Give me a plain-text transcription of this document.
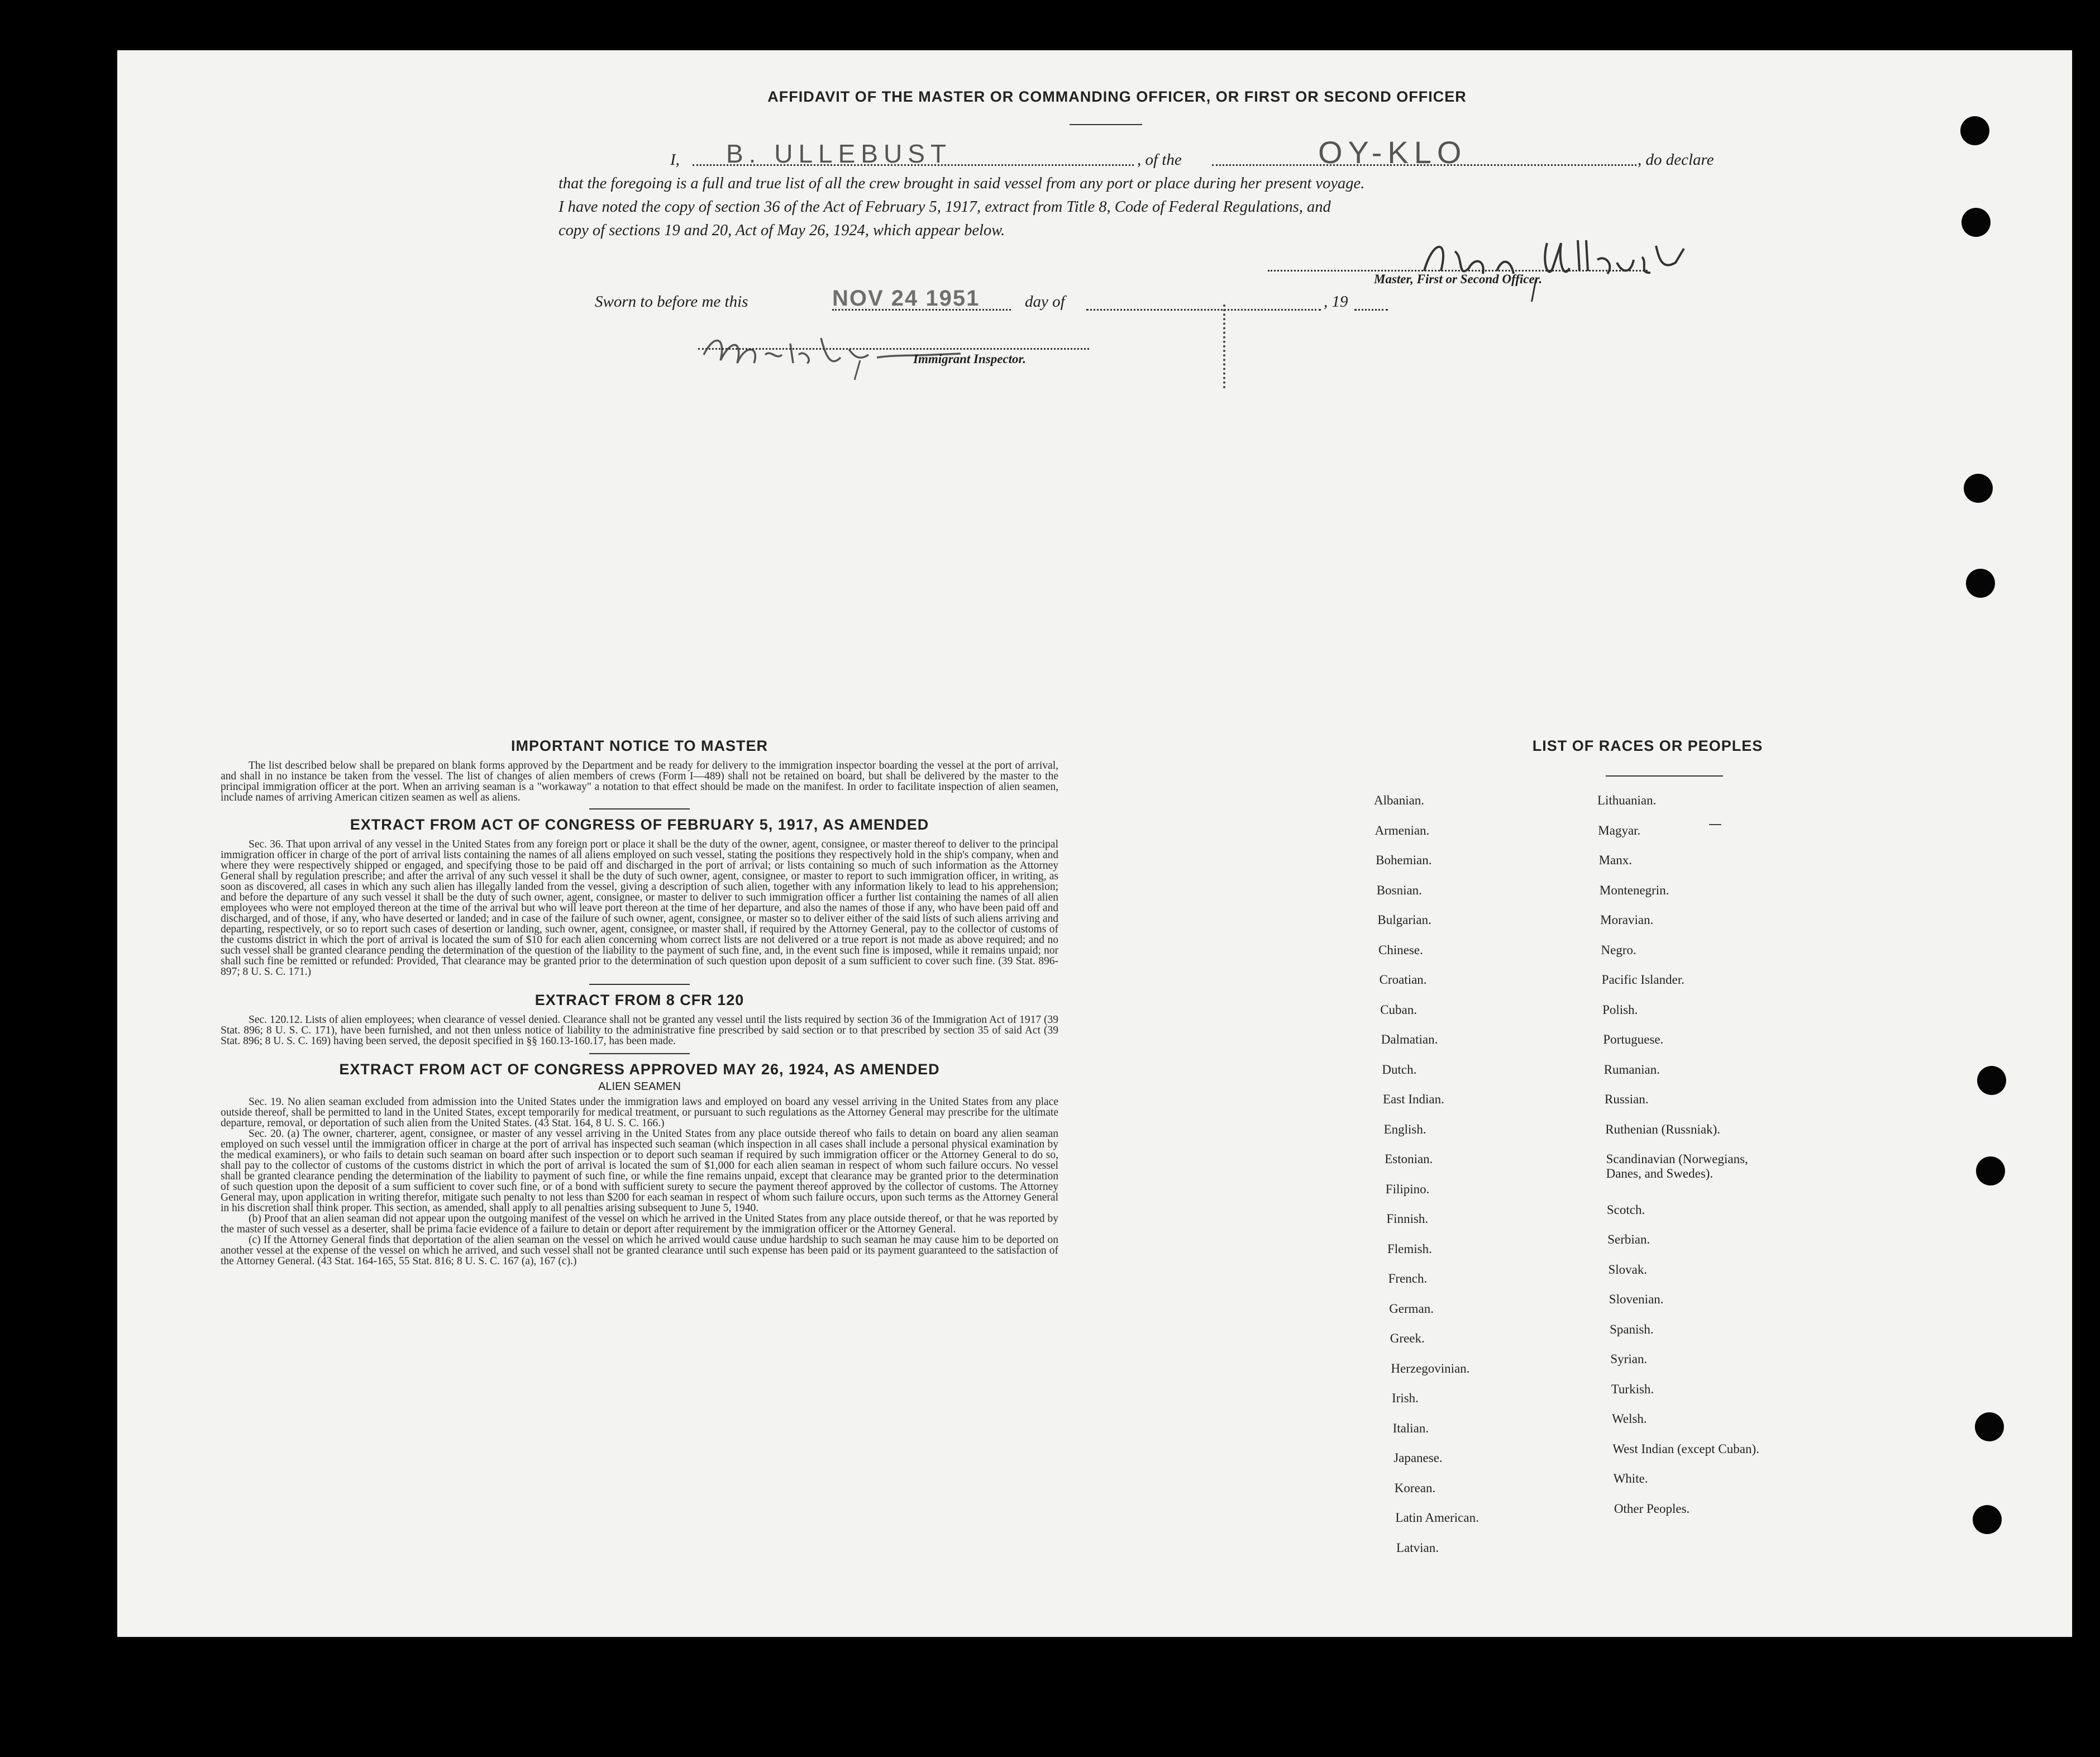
AFFIDAVIT OF THE MASTER OR COMMANDING OFFICER, OR FIRST OR SECOND OFFICER
I, B. ULLEBUST	, of the	OY-KLO	, do declare
that the foregoing is a full and true list of all the crew brought in said vessel from any port or place during her present voyage.
I have noted the copy of section 36 of the Act of February 5, 1917, extract from Title 8, Code of Federal Regulations, and
copy of sections 19 and 20, Act of May 26, 1924, which appear below.
Master, First or Second Officer.
Sworn to before me this	NOV 24 1951	day of	, 19
Immigrant Inspector.
IMPORTANT NOTICE TO MASTER
The list described below shall be prepared on blank forms approved by the Department and be ready for delivery to the immigration inspector boarding the vessel at the port of arrival, and shall in no instance be taken from the vessel. The list of changes of alien members of crews (Form I—489) shall not be retained on board, but shall be delivered by the master to the principal immigration officer at the port. When an arriving seaman is a "workaway" a notation to that effect should be made on the manifest. In order to facilitate inspection of alien seamen, include names of arriving American citizen seamen as well as aliens.
EXTRACT FROM ACT OF CONGRESS OF FEBRUARY 5, 1917, AS AMENDED
Sec. 36. That upon arrival of any vessel in the United States from any foreign port or place it shall be the duty of the owner, agent, consignee, or master thereof to deliver to the principal immigration officer in charge of the port of arrival lists containing the names of all aliens employed on such vessel, stating the positions they respectively hold in the ship's company, when and where they were respectively shipped or engaged, and specifying those to be paid off and discharged in the port of arrival; or lists containing so much of such information as the Attorney General shall by regulation prescribe; and after the arrival of any such vessel it shall be the duty of such owner, agent, consignee, or master to report to such immigration officer, in writing, as soon as discovered, all cases in which any such alien has illegally landed from the vessel, giving a description of such alien, together with any information likely to lead to his apprehension; and before the departure of any such vessel it shall be the duty of such owner, agent, consignee, or master to deliver to such immigration officer a further list containing the names of all alien employees who were not employed thereon at the time of the arrival but who will leave port thereon at the time of her departure, and also the names of those if any, who have been paid off and discharged, and of those, if any, who have deserted or landed; and in case of the failure of such owner, agent, consignee, or master so to deliver either of the said lists of such aliens arriving and departing, respectively, or so to report such cases of desertion or landing, such owner, agent, consignee, or master shall, if required by the Attorney General, pay to the collector of customs of the customs district in which the port of arrival is located the sum of $10 for each alien concerning whom correct lists are not delivered or a true report is not made as above required; and no such vessel shall be granted clearance pending the determination of the question of the liability to the payment of such fine, and, in the event such fine is imposed, while it remains unpaid; nor shall such fine be remitted or refunded: Provided, That clearance may be granted prior to the determination of such question upon deposit of a sum sufficient to cover such fine. (39 Stat. 896-897; 8 U. S. C. 171.)
EXTRACT FROM 8 CFR 120
Sec. 120.12. Lists of alien employees; when clearance of vessel denied. Clearance shall not be granted any vessel until the lists required by section 36 of the Immigration Act of 1917 (39 Stat. 896; 8 U. S. C. 171), have been furnished, and not then unless notice of liability to the administrative fine prescribed by said section or to that prescribed by section 35 of said Act (39 Stat. 896; 8 U. S. C. 169) having been served, the deposit specified in §§ 160.13-160.17, has been made.
EXTRACT FROM ACT OF CONGRESS APPROVED MAY 26, 1924, AS AMENDED
ALIEN SEAMEN
Sec. 19. No alien seaman excluded from admission into the United States under the immigration laws and employed on board any vessel arriving in the United States from any place outside thereof, shall be permitted to land in the United States, except temporarily for medical treatment, or pursuant to such regulations as the Attorney General may prescribe for the ultimate departure, removal, or deportation of such alien from the United States. (43 Stat. 164, 8 U. S. C. 166.)
Sec. 20. (a) The owner, charterer, agent, consignee, or master of any vessel arriving in the United States from any place outside thereof who fails to detain on board any alien seaman employed on such vessel until the immigration officer in charge at the port of arrival has inspected such seaman (which inspection in all cases shall include a personal physical examination by the medical examiners), or who fails to detain such seaman on board after such inspection or to deport such seaman if required by such immigration officer or the Attorney General to do so, shall pay to the collector of customs of the customs district in which the port of arrival is located the sum of $1,000 for each alien seaman in respect of whom such failure occurs. No vessel shall be granted clearance pending the determination of the liability to payment of such fine, or while the fine remains unpaid, except that clearance may be granted prior to the determination of such question upon the deposit of a sum sufficient to cover such fine, or of a bond with sufficient surety to secure the payment thereof approved by the collector of customs. The Attorney General may, upon application in writing therefor, mitigate such penalty to not less than $200 for each seaman in respect of whom such failure occurs, upon such terms as the Attorney General in his discretion shall think proper. This section, as amended, shall apply to all penalties arising subsequent to June 5, 1940.
(b) Proof that an alien seaman did not appear upon the outgoing manifest of the vessel on which he arrived in the United States from any place outside thereof, or that he was reported by the master of such vessel as a deserter, shall be prima facie evidence of a failure to detain or deport after requirement by the immigration officer or the Attorney General.
(c) If the Attorney General finds that deportation of the alien seaman on the vessel on which he arrived would cause undue hardship to such seaman he may cause him to be deported on another vessel at the expense of the vessel on which he arrived, and such vessel shall not be granted clearance until such expense has been paid or its payment guaranteed to the satisfaction of the Attorney General. (43 Stat. 164-165, 55 Stat. 816; 8 U. S. C. 167 (a), 167 (c).)
LIST OF RACES OR PEOPLES
Albanian.
Armenian.
Bohemian.
Bosnian.
Bulgarian.
Chinese.
Croatian.
Cuban.
Dalmatian.
Dutch.
East Indian.
English.
Estonian.
Filipino.
Finnish.
Flemish.
French.
German.
Greek.
Herzegovinian.
Irish.
Italian.
Japanese.
Korean.
Latin American.
Latvian.
Lithuanian.
Magyar.
Manx.
Montenegrin.
Moravian.
Negro.
Pacific Islander.
Polish.
Portuguese.
Rumanian.
Russian.
Ruthenian (Russniak).
Scandinavian (Norwegians,
Danes, and Swedes).
Scotch.
Serbian.
Slovak.
Slovenian.
Spanish.
Syrian.
Turkish.
Welsh.
West Indian (except Cuban).
White.
Other Peoples.
